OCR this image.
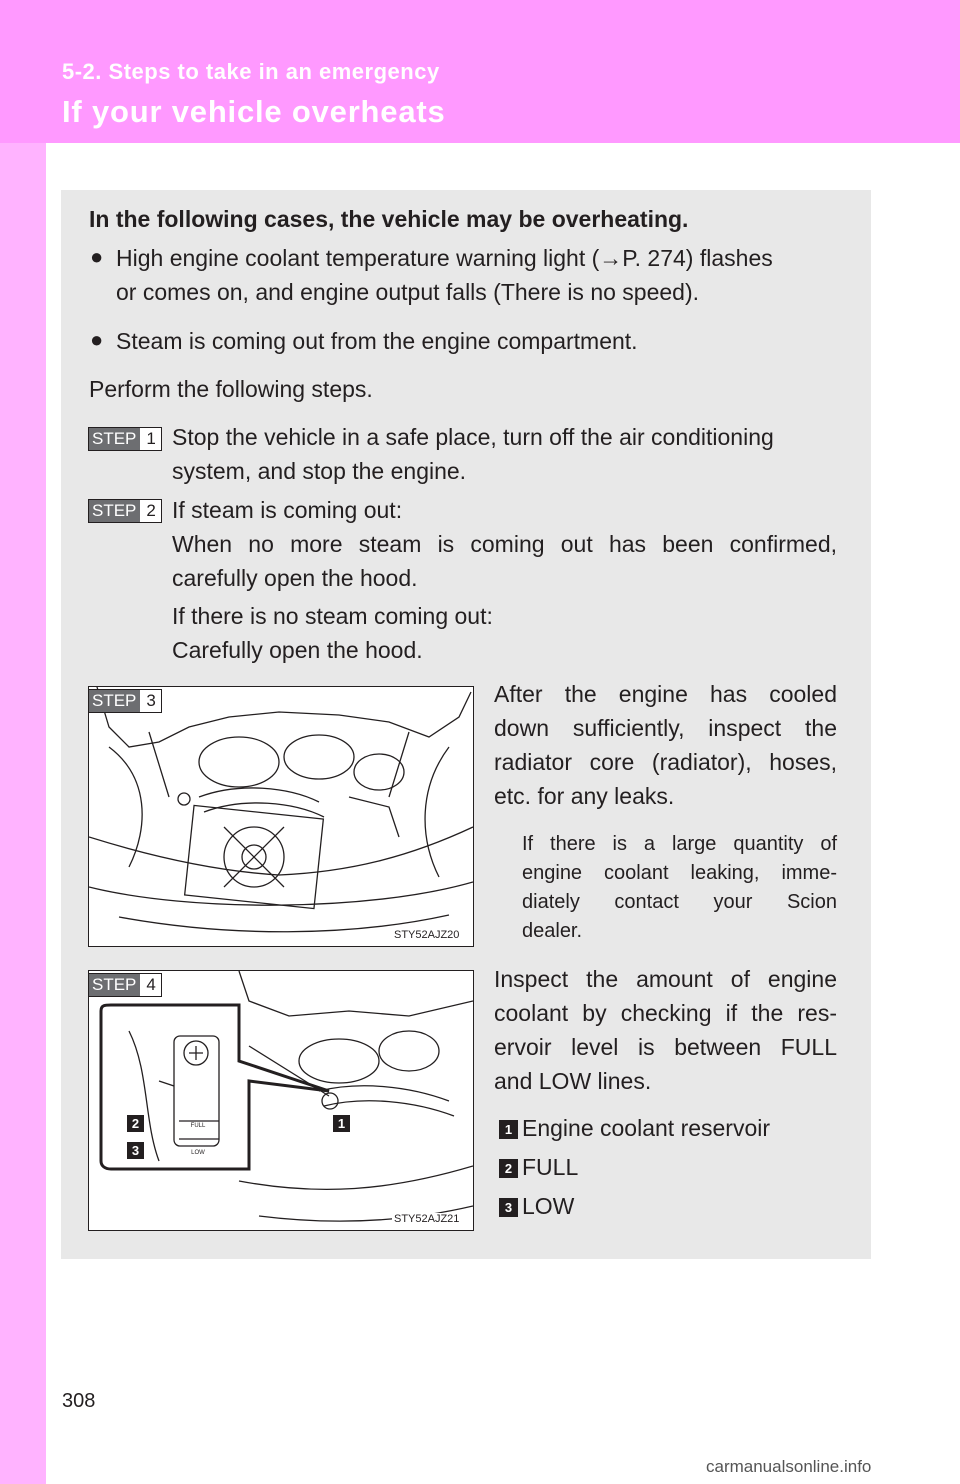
5-2. Steps to take in an emergency
If your vehicle overheats
In the following cases, the vehicle may be overheating.
● High engine coolant temperature warning light (→P. 274) flashes
or comes on, and engine output falls (There is no speed).
● Steam is coming out from the engine compartment.
Perform the following steps.
STEP 1 Stop the vehicle in a safe place, turn off the air conditioning
system, and stop the engine.
STEP 2 If steam is coming out:
When no more steam is coming out has been confirmed,
carefully open the hood.
If there is no steam coming out:
Carefully open the hood.
STEP 3
STY52AJZ20
After the engine has cooled
down sufficiently, inspect the
radiator core (radiator), hoses,
etc. for any leaks.
If there is a large quantity of
engine coolant leaking, imme-
diately contact your Scion
dealer.
FULL
LOW
STEP 4
1
2
3
STY52AJZ21
Inspect the amount of engine
coolant by checking if the res-
ervoir level is between FULL
and LOW lines.
1 Engine coolant reservoir
2 FULL
3 LOW
308
carmanualsonline.info
